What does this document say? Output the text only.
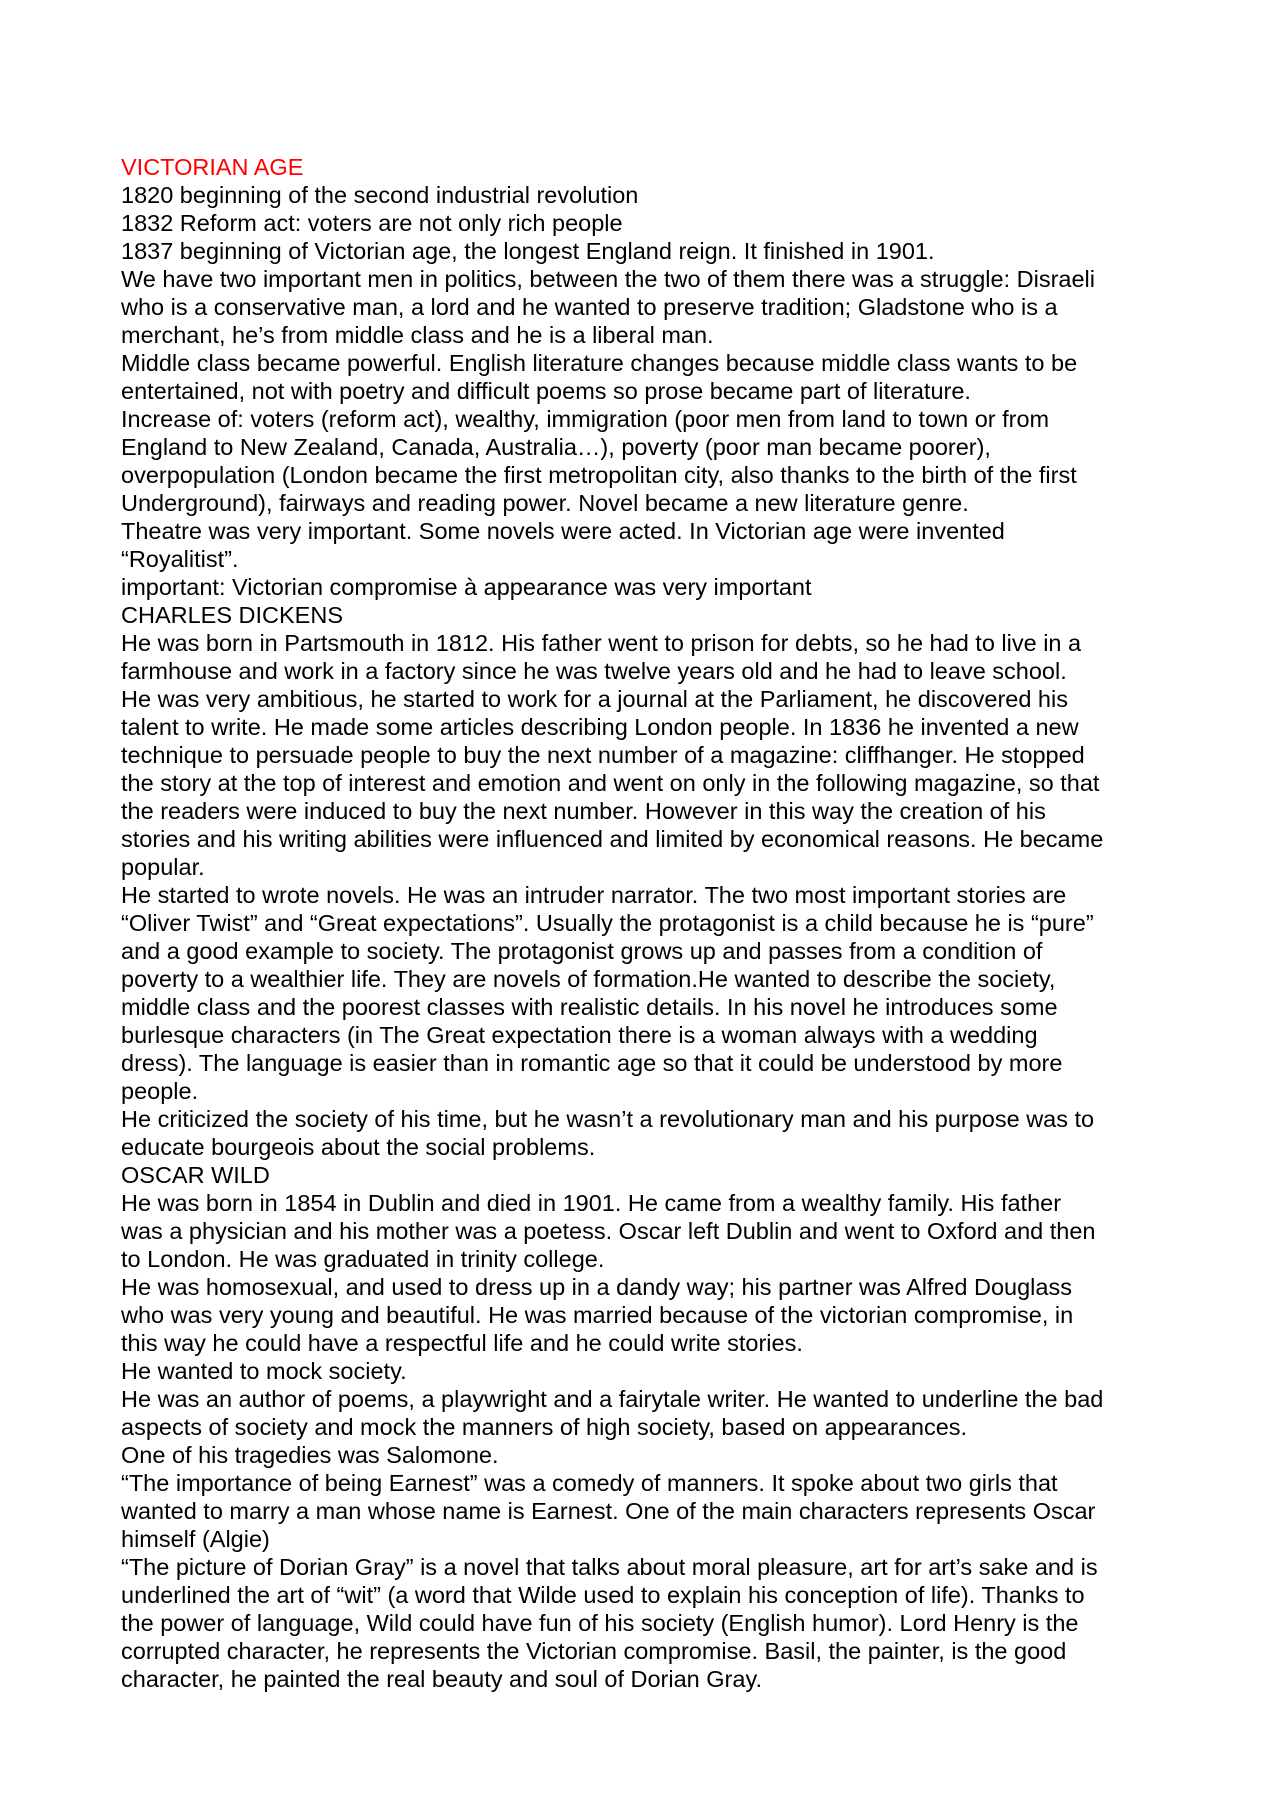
VICTORIAN AGE

1820 beginning of the second industrial revolution

1832 Reform act: voters are not only rich people

1837 beginning of Victorian age, the longest England reign. It finished in 1901.

We have two important men in politics, between the two of them there was a struggle: Disraeli
who is a conservative man, a lord and he wanted to preserve tradition; Gladstone who is a
merchant, he’s from middle class and he is a liberal man.

Middle class became powerful. English literature changes because middle class wants to be
entertained, not with poetry and difficult poems so prose became part of literature.

Increase of: voters (reform act), wealthy, immigration (poor men from land to town or from
England to New Zealand, Canada, Australia…), poverty (poor man became poorer),
overpopulation (London became the first metropolitan city, also thanks to the birth of the first
Underground), fairways and reading power. Novel became a new literature genre.

Theatre was very important. Some novels were acted. In Victorian age were invented
“Royalitist”.

important: Victorian compromise à appearance was very important

CHARLES DICKENS

He was born in Partsmouth in 1812. His father went to prison for debts, so he had to live in a
farmhouse and work in a factory since he was twelve years old and he had to leave school.
He was very ambitious, he started to work for a journal at the Parliament, he discovered his
talent to write. He made some articles describing London people. In 1836 he invented a new
technique to persuade people to buy the next number of a magazine: cliffhanger. He stopped
the story at the top of interest and emotion and went on only in the following magazine, so that
the readers were induced to buy the next number. However in this way the creation of his
stories and his writing abilities were influenced and limited by economical reasons. He became
popular.

He started to wrote novels. He was an intruder narrator. The two most important stories are
“Oliver Twist” and “Great expectations”. Usually the protagonist is a child because he is “pure”
and a good example to society. The protagonist grows up and passes from a condition of
poverty to a wealthier life. They are novels of formation.He wanted to describe the society,
middle class and the poorest classes with realistic details. In his novel he introduces some
burlesque characters (in The Great expectation there is a woman always with a wedding
dress). The language is easier than in romantic age so that it could be understood by more
people.

He criticized the society of his time, but he wasn’t a revolutionary man and his purpose was to
educate bourgeois about the social problems.

OSCAR WILD

He was born in 1854 in Dublin and died in 1901. He came from a wealthy family. His father
was a physician and his mother was a poetess. Oscar left Dublin and went to Oxford and then
to London. He was graduated in trinity college.

He was homosexual, and used to dress up in a dandy way; his partner was Alfred Douglass
who was very young and beautiful. He was married because of the victorian compromise, in
this way he could have a respectful life and he could write stories.

He wanted to mock society.

He was an author of poems, a playwright and a fairytale writer. He wanted to underline the bad
aspects of society and mock the manners of high society, based on appearances.

One of his tragedies was Salomone.

“The importance of being Earnest” was a comedy of manners. It spoke about two girls that
wanted to marry a man whose name is Earnest. One of the main characters represents Oscar
himself (Algie)

“The picture of Dorian Gray” is a novel that talks about moral pleasure, art for art’s sake and is
underlined the art of “wit” (a word that Wilde used to explain his conception of life). Thanks to
the power of language, Wild could have fun of his society (English humor). Lord Henry is the
corrupted character, he represents the Victorian compromise. Basil, the painter, is the good
character, he painted the real beauty and soul of Dorian Gray.
